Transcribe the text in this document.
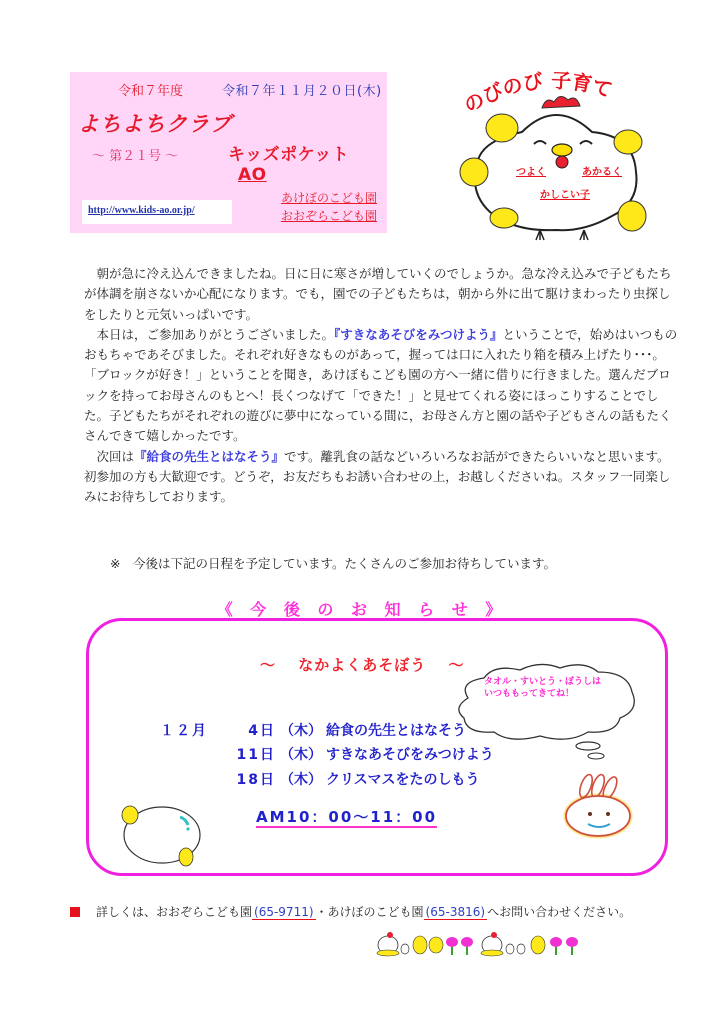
令和７年度	令和７年１１月２０日(木)
よちよちクラブ
～ 第２１号 ～	キッズポケットAO
http://www.kids-ao.or.jp/
あけぼのこども園
おおぞらこども園
のびのび 子育て
つよく	あかるく
かしこい子

朝が急に冷え込んできましたね。日に日に寒さが増していくのでしょうか。急な冷え込みで子どもたちが体調を崩さないか心配になります。でも，園での子どもたちは，朝から外に出て駆けまわったり虫探しをしたりと元気いっぱいです。

本日は，ご参加ありがとうございました。『すきなあそびをみつけよう』ということで，始めはいつものおもちゃであそびました。それぞれ好きなものがあって，握っては口に入れたり箱を積み上げたり･･･。「ブロックが好き！」ということを聞き，あけぼもこども園の方へ一緒に借りに行きました。選んだブロックを持ってお母さんのもとへ！長くつなげて「できた！」と見せてくれる姿にほっこりすることでした。子どもたちがそれぞれの遊びに夢中になっている間に，お母さん方と園の話や子どもさんの話もたくさんできて嬉しかったです。

次回は『給食の先生とはなそう』です。離乳食の話などいろいろなお話ができたらいいなと思います。初参加の方も大歓迎です。どうぞ，お友だちもお誘い合わせの上，お越しくださいね。スタッフ一同楽しみにお待ちしております。

※　今後は下記の日程を予定しています。たくさんのご参加お待ちしています。
《 今 後 の お 知 ら せ 》
～ なかよくあそぼう ～
タオル・すいとう・ぼうしは
いつももってきてね！
１２月	4日 （木） 給食の先生とはなそう
11日 （木） すきなあそびをみつけよう
18日 （木） クリスマスをたのしもう
AM10：00～11：00
詳しくは、おおぞらこども園 (65-9711) ・あけぼのこども園 (65-3816) へお問い合わせください。
